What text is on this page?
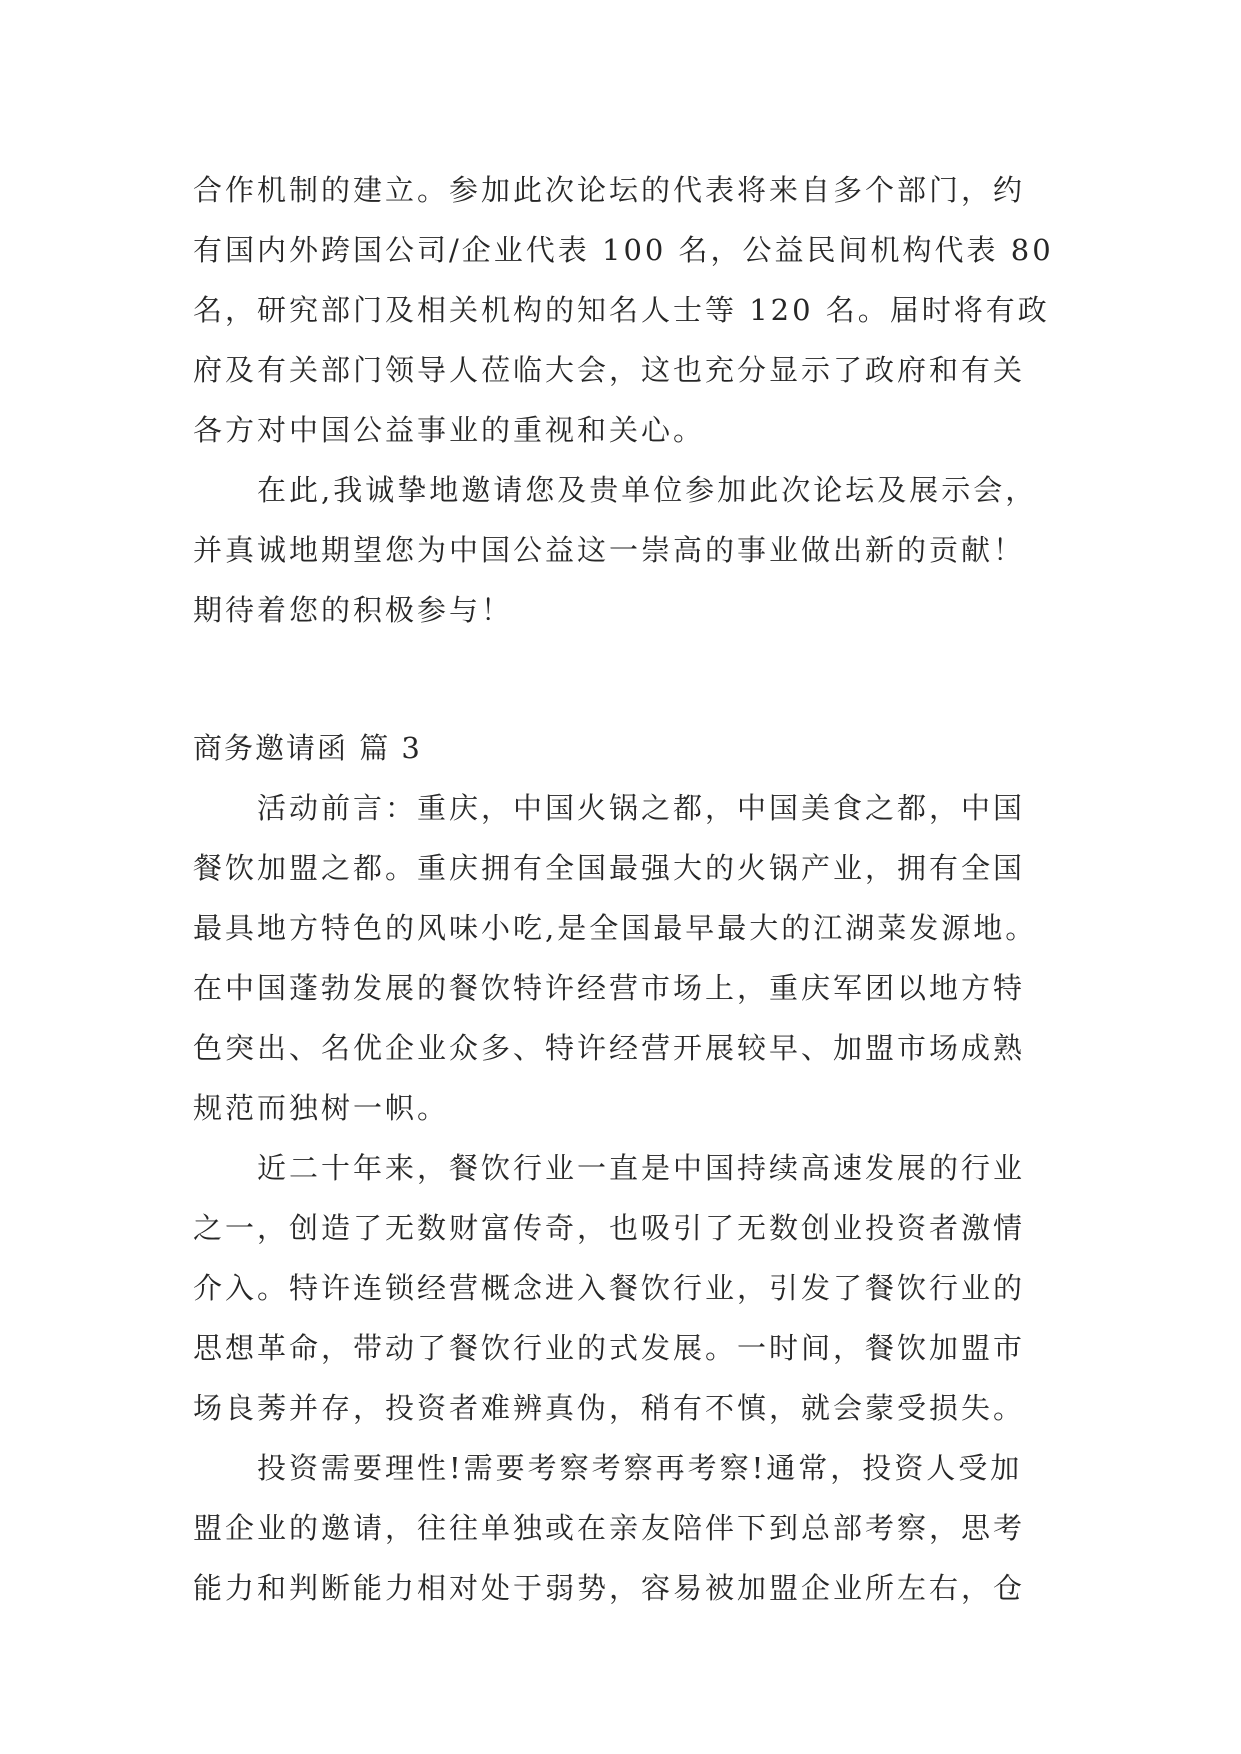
合作机制的建立。参加此次论坛的代表将来自多个部门，约
有国内外跨国公司/企业代表 100 名，公益民间机构代表 80
名，研究部门及相关机构的知名人士等 120 名。届时将有政
府及有关部门领导人莅临大会，这也充分显示了政府和有关
各方对中国公益事业的重视和关心。
在此,我诚挚地邀请您及贵单位参加此次论坛及展示会，
并真诚地期望您为中国公益这一崇高的事业做出新的贡献！
期待着您的积极参与！
商务邀请函 篇 3
活动前言：重庆，中国火锅之都，中国美食之都，中国
餐饮加盟之都。重庆拥有全国最强大的火锅产业，拥有全国
最具地方特色的风味小吃,是全国最早最大的江湖菜发源地。
在中国蓬勃发展的餐饮特许经营市场上，重庆军团以地方特
色突出、名优企业众多、特许经营开展较早、加盟市场成熟
规范而独树一帜。
近二十年来，餐饮行业一直是中国持续高速发展的行业
之一，创造了无数财富传奇，也吸引了无数创业投资者激情
介入。特许连锁经营概念进入餐饮行业，引发了餐饮行业的
思想革命，带动了餐饮行业的式发展。一时间，餐饮加盟市
场良莠并存，投资者难辨真伪，稍有不慎，就会蒙受损失。
投资需要理性!需要考察考察再考察!通常，投资人受加
盟企业的邀请，往往单独或在亲友陪伴下到总部考察，思考
能力和判断能力相对处于弱势，容易被加盟企业所左右，仓
